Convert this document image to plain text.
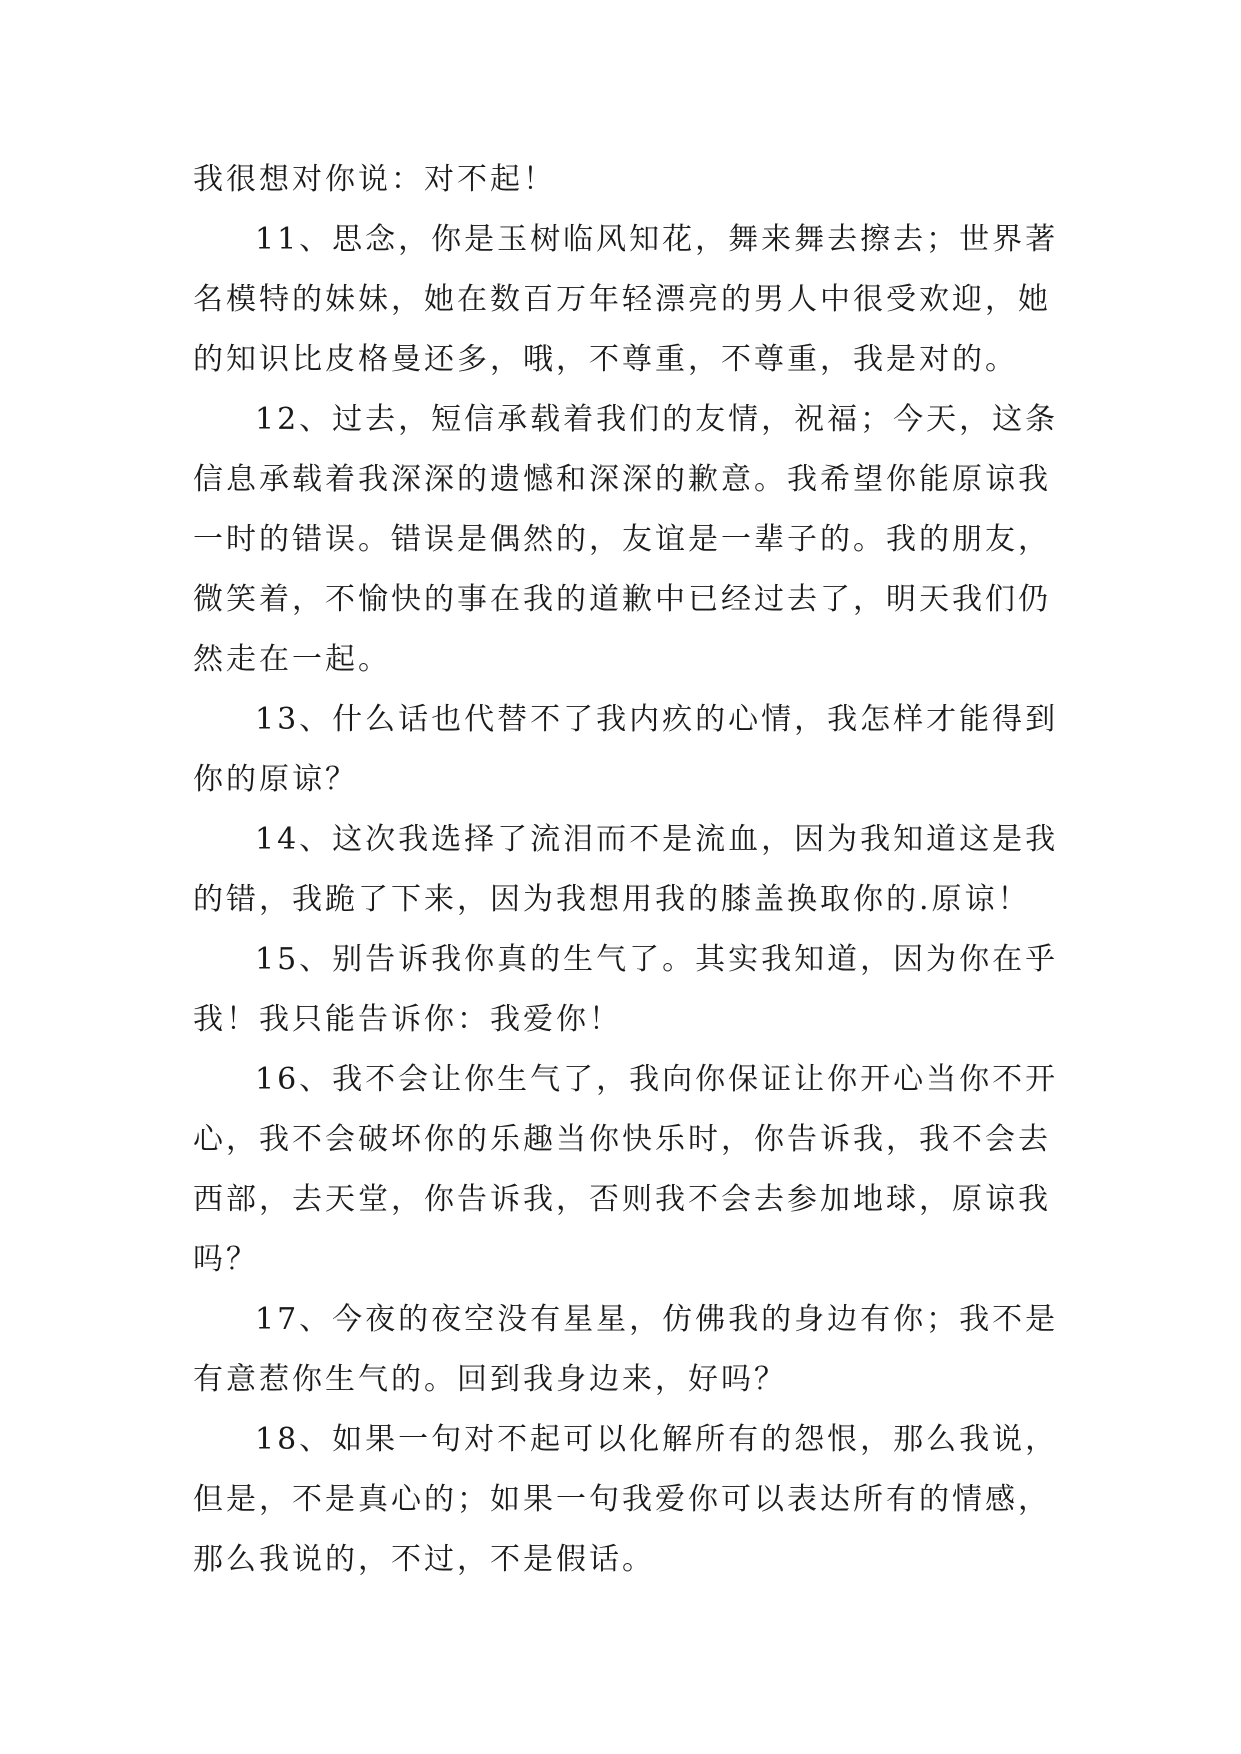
我很想对你说：对不起！

11、思念，你是玉树临风知花，舞来舞去擦去；世界著
名模特的妹妹，她在数百万年轻漂亮的男人中很受欢迎，她
的知识比皮格曼还多，哦，不尊重，不尊重，我是对的。

12、过去，短信承载着我们的友情，祝福；今天，这条
信息承载着我深深的遗憾和深深的歉意。我希望你能原谅我
一时的错误。错误是偶然的，友谊是一辈子的。我的朋友，
微笑着，不愉快的事在我的道歉中已经过去了，明天我们仍
然走在一起。

13、什么话也代替不了我内疚的心情，我怎样才能得到
你的原谅？

14、这次我选择了流泪而不是流血，因为我知道这是我
的错，我跪了下来，因为我想用我的膝盖换取你的.原谅！

15、别告诉我你真的生气了。其实我知道，因为你在乎
我！我只能告诉你：我爱你！

16、我不会让你生气了，我向你保证让你开心当你不开
心，我不会破坏你的乐趣当你快乐时，你告诉我，我不会去
西部，去天堂，你告诉我，否则我不会去参加地球，原谅我
吗？

17、今夜的夜空没有星星，仿佛我的身边有你；我不是
有意惹你生气的。回到我身边来，好吗？

18、如果一句对不起可以化解所有的怨恨，那么我说，
但是，不是真心的；如果一句我爱你可以表达所有的情感，
那么我说的，不过，不是假话。
